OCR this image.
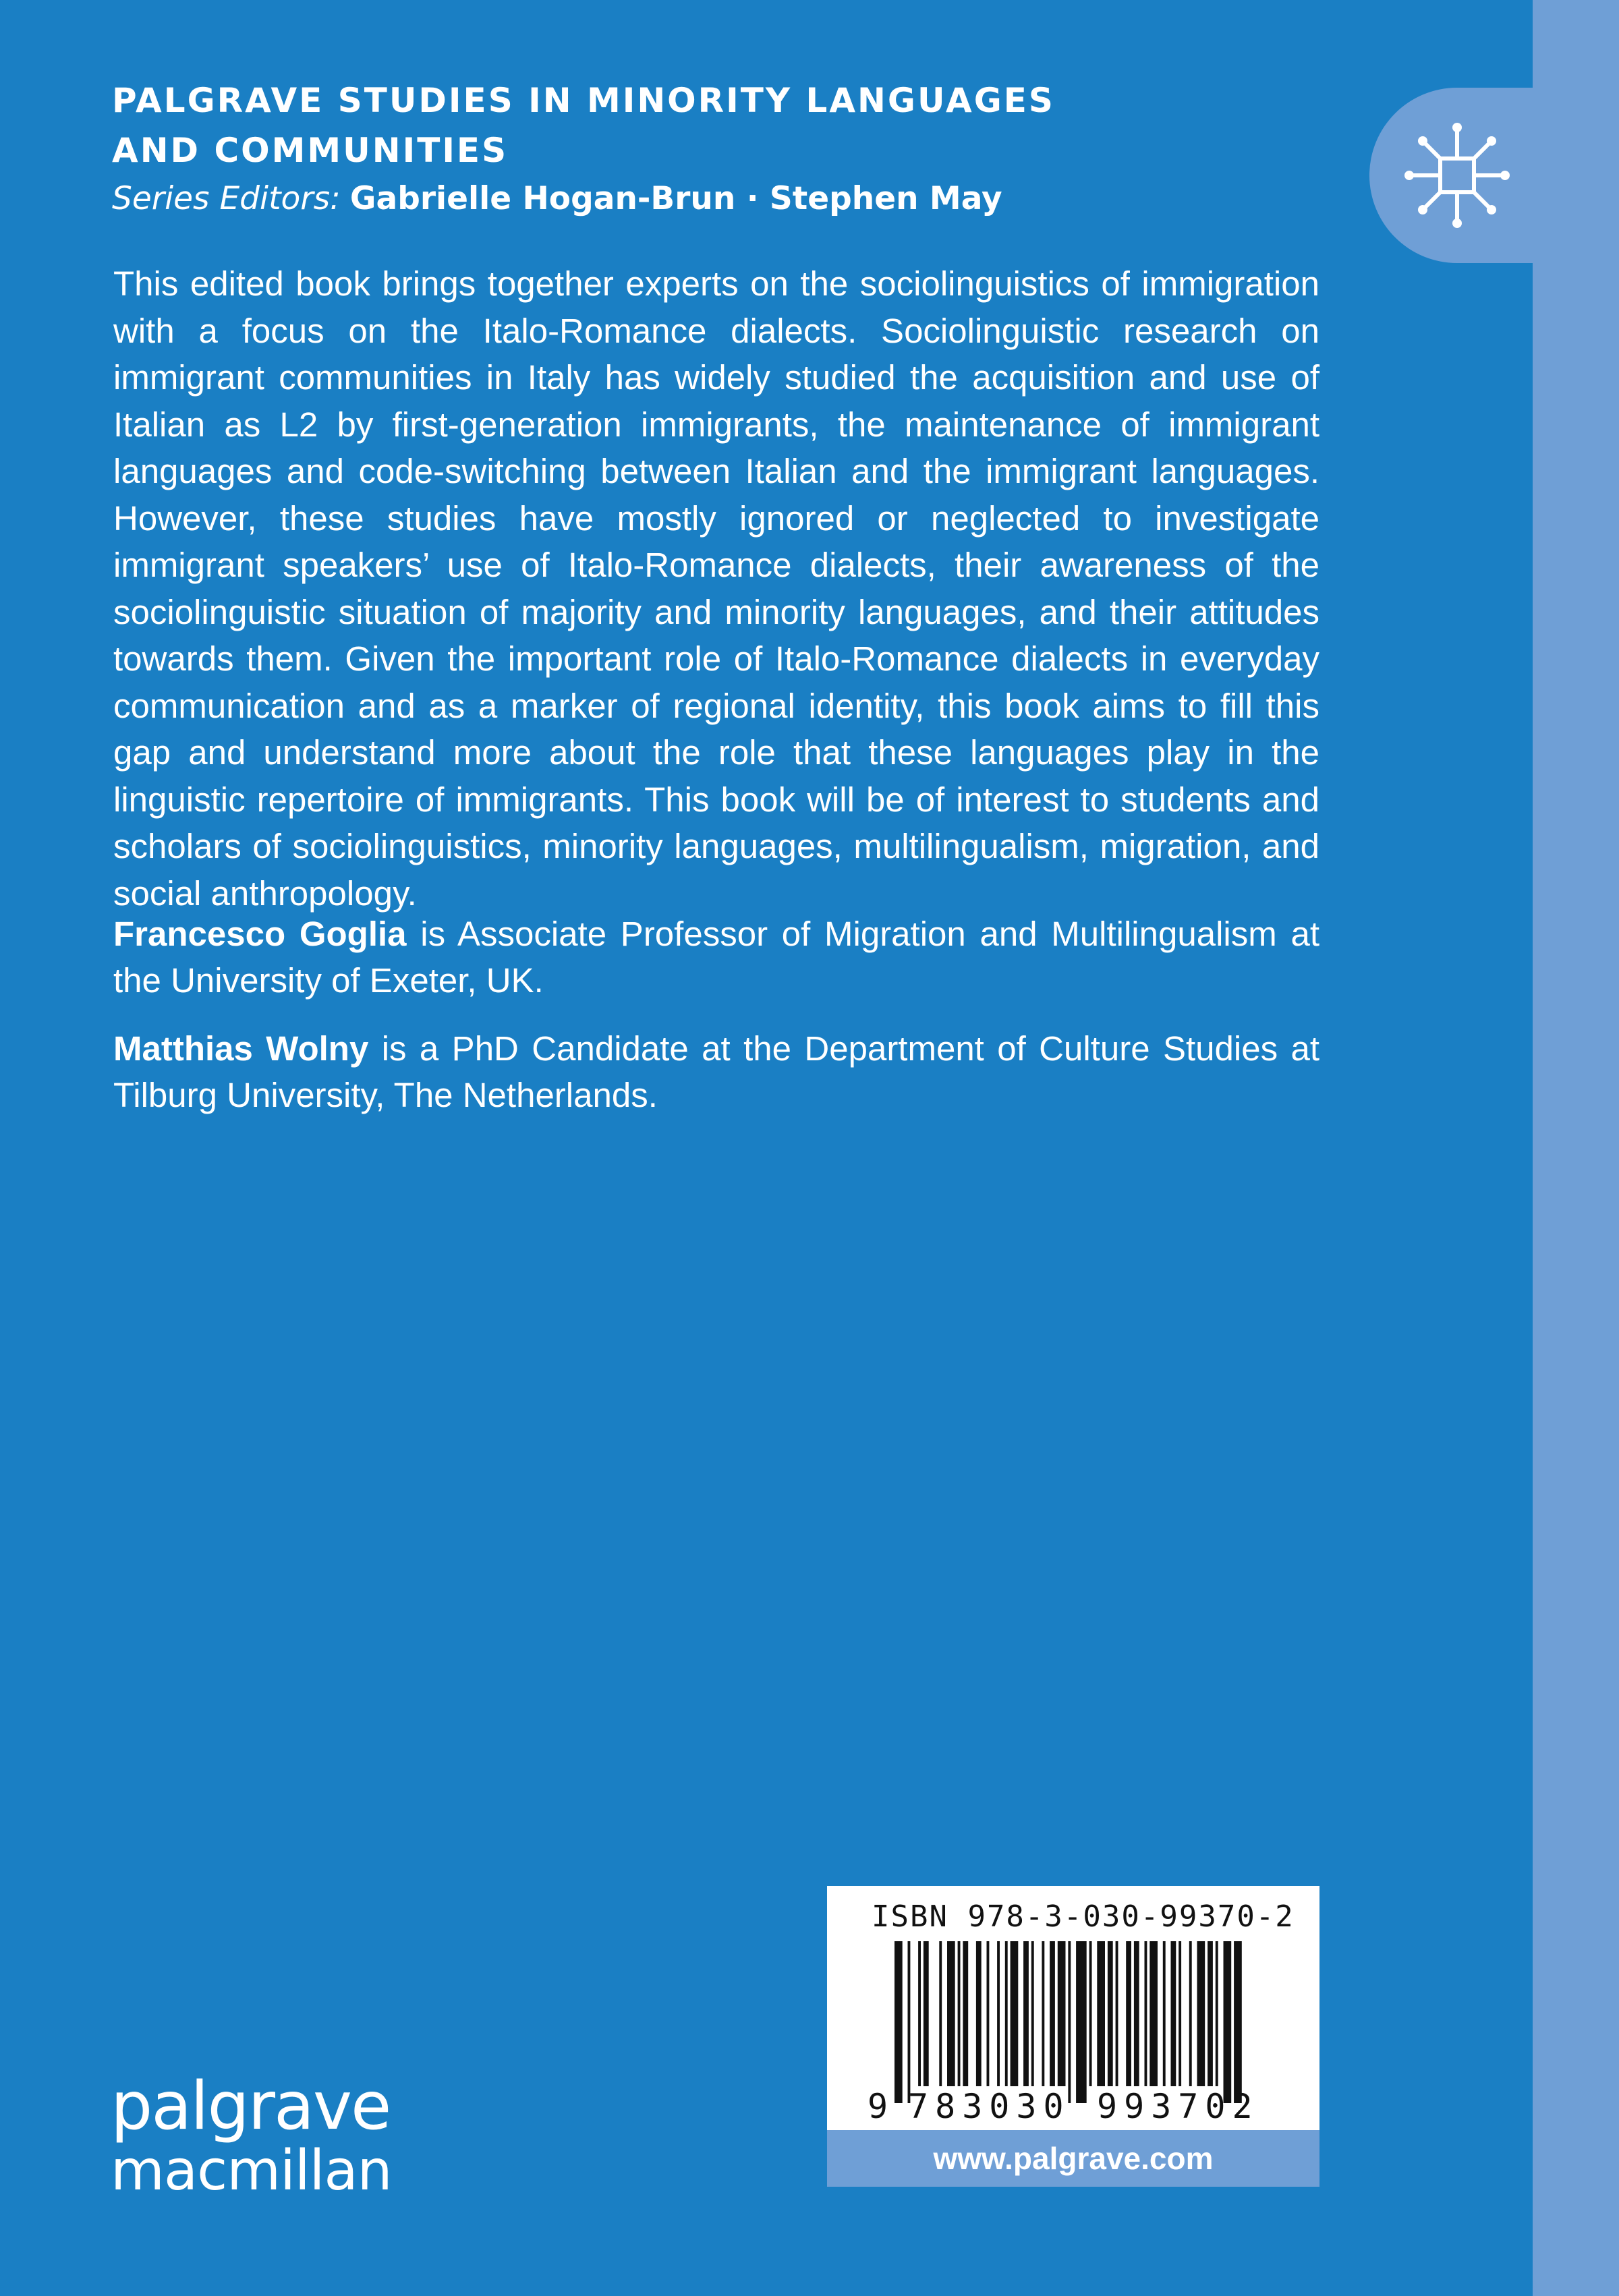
PALGRAVE STUDIES IN MINORITY LANGUAGES
AND COMMUNITIES
Series Editors: Gabrielle Hogan-Brun · Stephen May

This edited book brings together experts on the sociolinguistics of immigration with a focus on the Italo-Romance dialects. Sociolinguistic research on immigrant communities in Italy has widely studied the acquisition and use of Italian as L2 by first-generation immigrants, the maintenance of immigrant languages and code-switching between Italian and the immigrant languages. However, these studies have mostly ignored or neglected to investigate immigrant speakers’ use of Italo-Romance dialects, their awareness of the sociolinguistic situation of majority and minority languages, and their attitudes towards them. Given the important role of Italo-Romance dialects in everyday communication and as a marker of regional identity, this book aims to fill this gap and understand more about the role that these languages play in the linguistic repertoire of immigrants. This book will be of interest to students and scholars of sociolinguistics, minority languages, multilingualism, migration, and social anthropology.

Francesco Goglia is Associate Professor of Migration and Multilingualism at the University of Exeter, UK.
Matthias Wolny is a PhD Candidate at the Department of Culture Studies at Tilburg University, The Netherlands.
palgrave
macmillan
ISBN 978-3-030-99370-2
9 783030 993702
www.palgrave.com
